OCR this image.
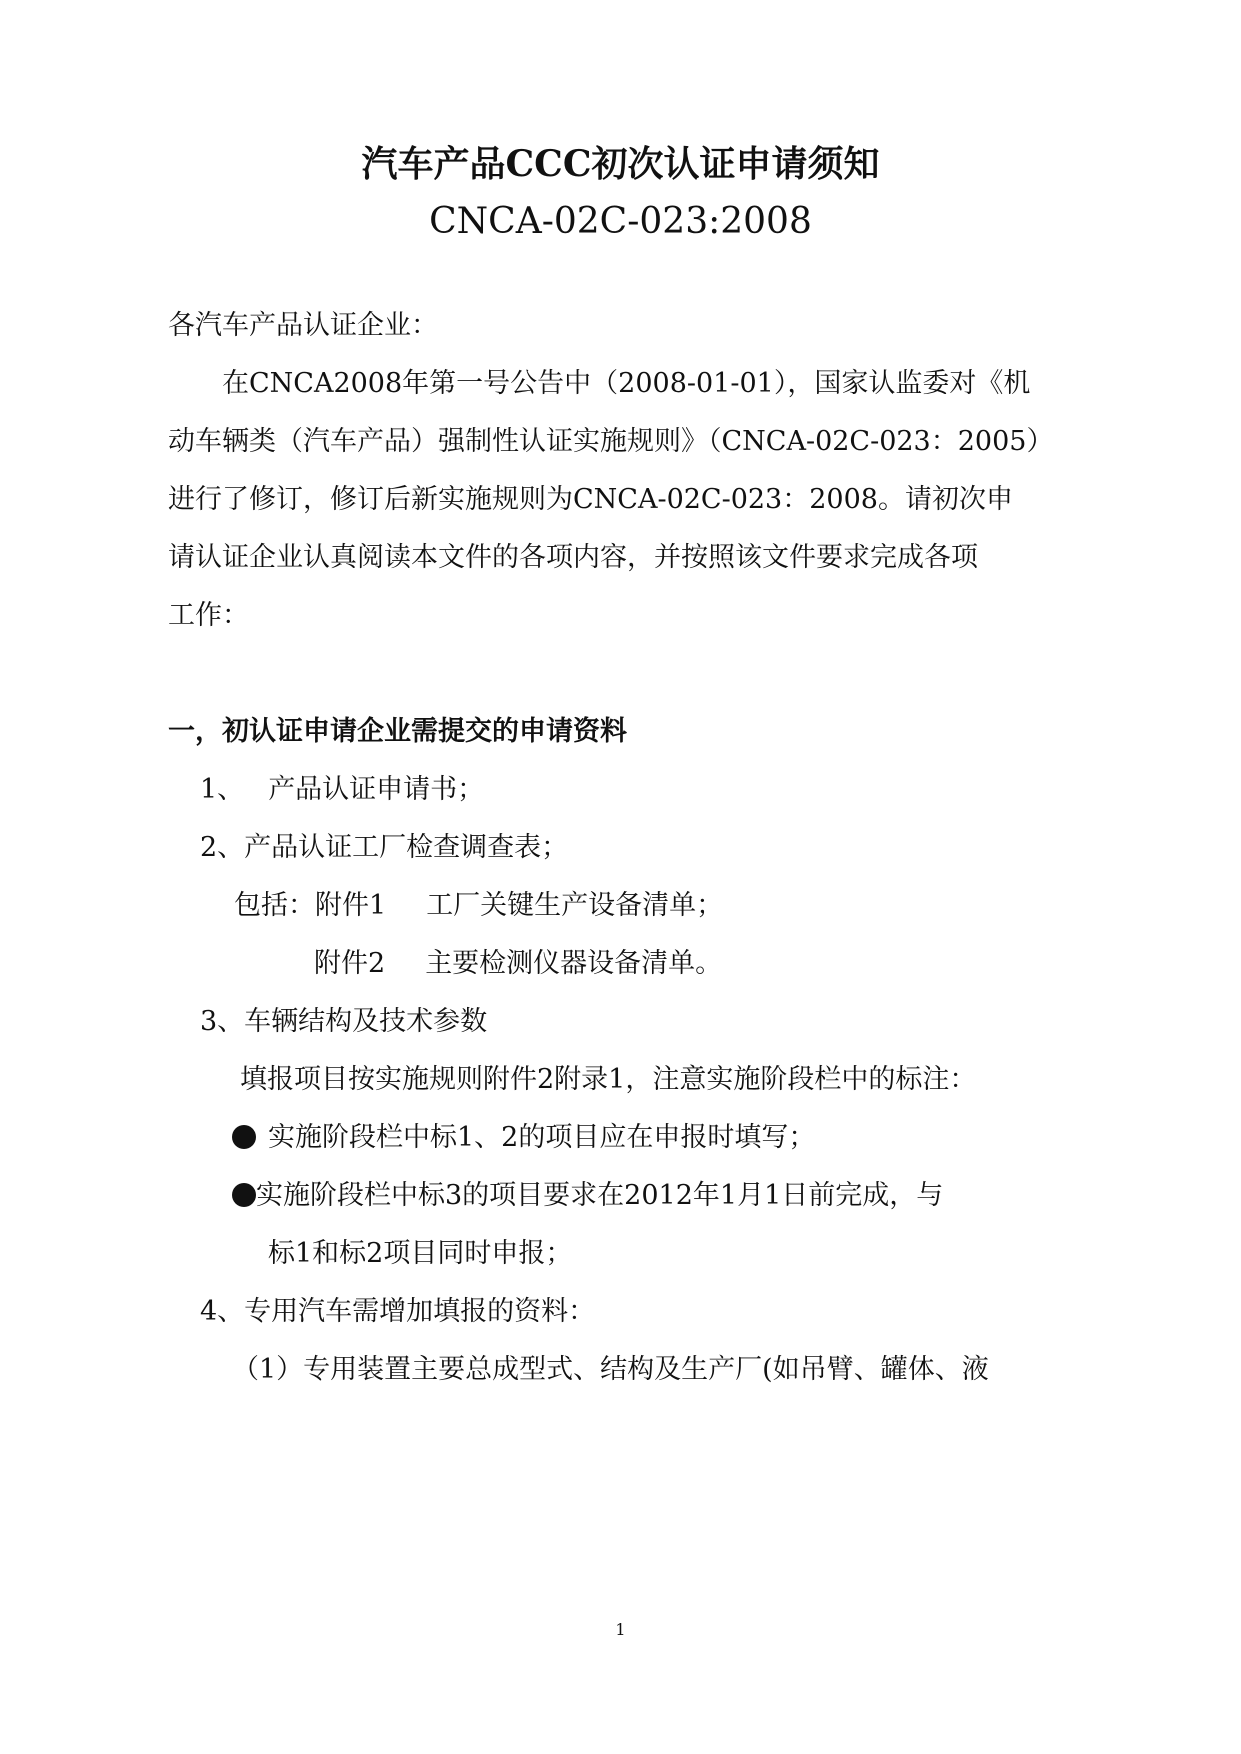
汽车产品CCC初次认证申请须知
CNCA-02C-023:2008
各汽车产品认证企业：
在CNCA2008年第一号公告中（2008-01-01），国家认监委对《机
动车辆类（汽车产品）强制性认证实施规则》（CNCA-02C-023：2005）
进行了修订，修订后新实施规则为CNCA-02C-023：2008。请初次申
请认证企业认真阅读本文件的各项内容，并按照该文件要求完成各项
工作：
一，初认证申请企业需提交的申请资料
1、 产品认证申请书；
2、产品认证工厂检查调查表；
包括：附件1 工厂关键生产设备清单；
附件2 主要检测仪器设备清单。
3、车辆结构及技术参数
填报项目按实施规则附件2附录1，注意实施阶段栏中的标注：
实施阶段栏中标1、2的项目应在申报时填写；
实施阶段栏中标3的项目要求在2012年1月1日前完成，与
标1和标2项目同时申报；
4、专用汽车需增加填报的资料：
（1）专用装置主要总成型式、结构及生产厂(如吊臂、罐体、液
1
